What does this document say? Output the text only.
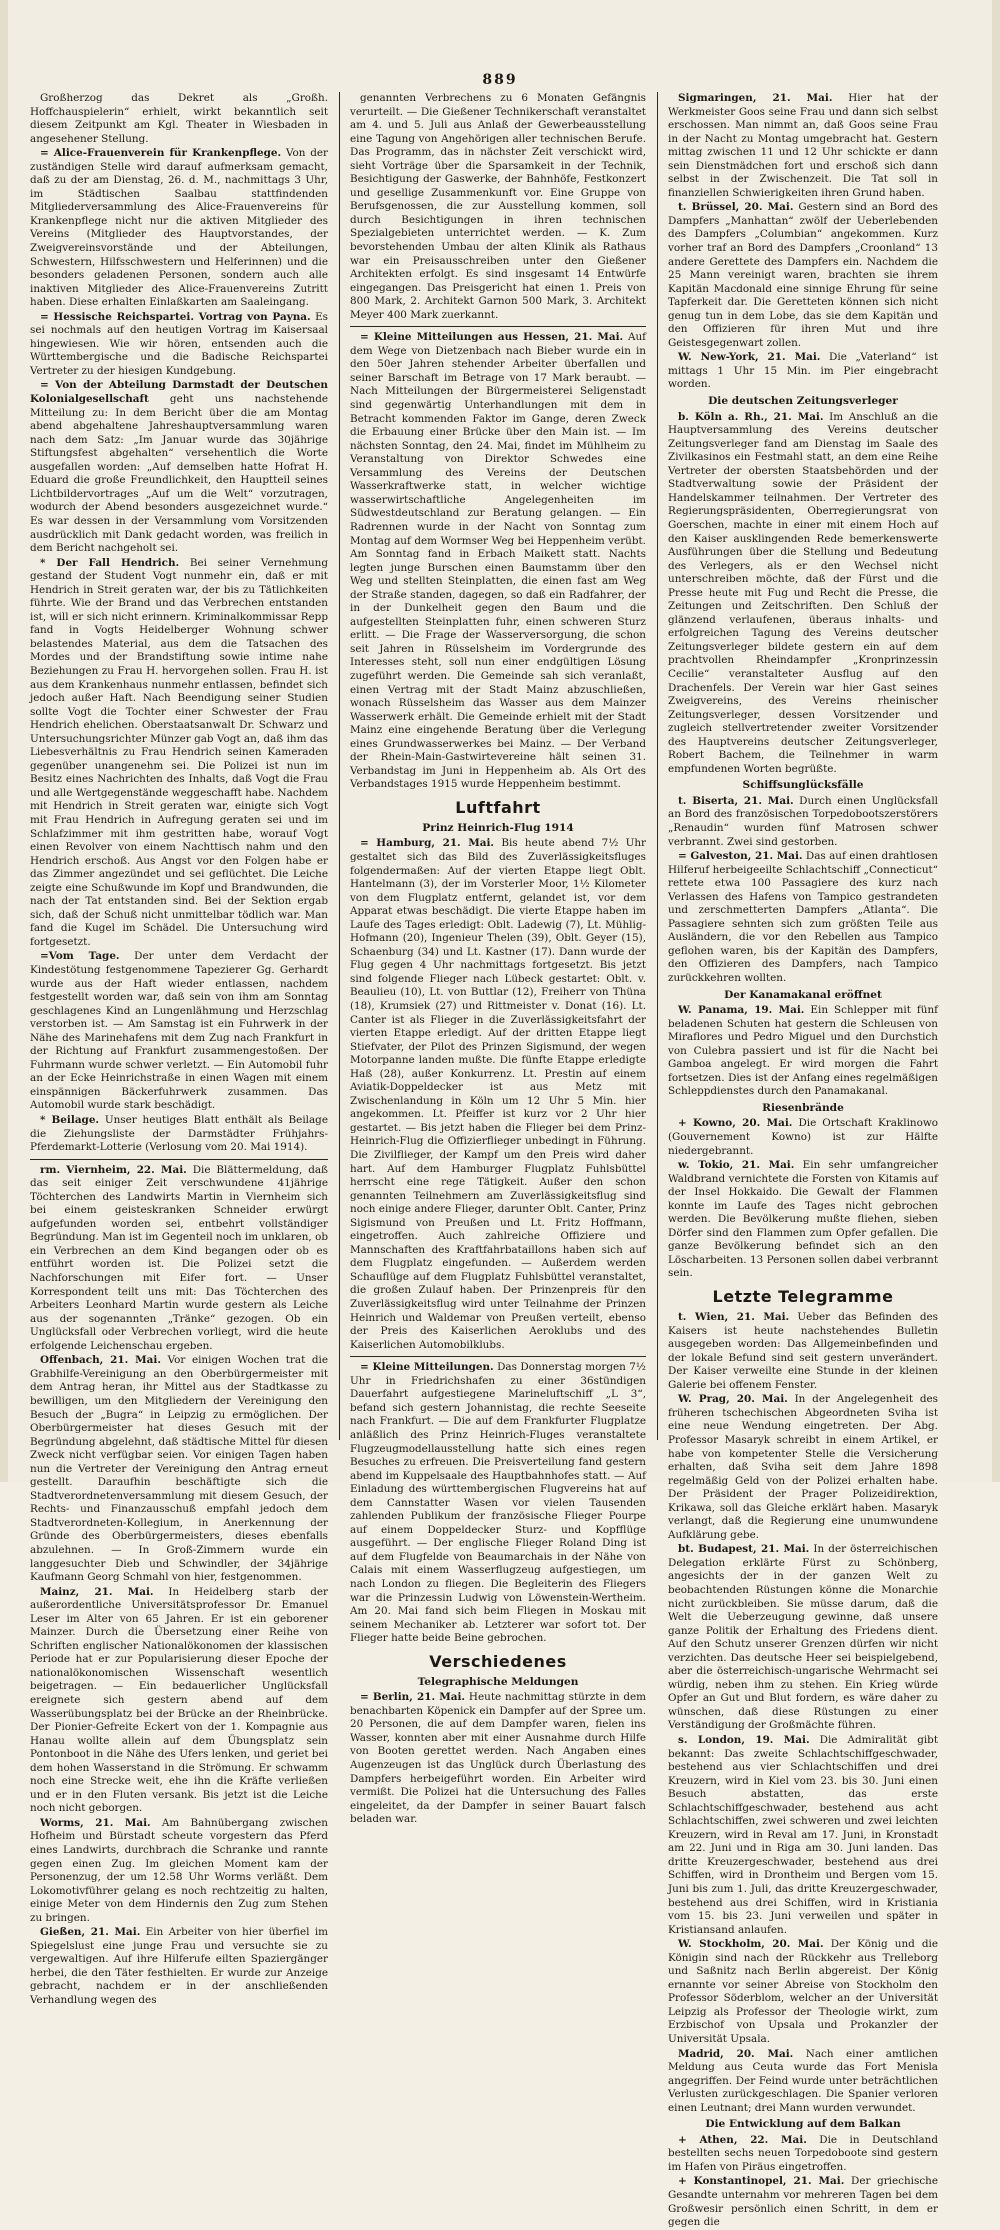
889

Großherzog das Dekret als „Großh. Hoffchauspielerin“ erhielt, wirkt bekanntlich seit diesem Zeitpunkt am Kgl. Theater in Wiesbaden in angesehener Stellung.

= Alice-Frauenverein für Krankenpflege. Von der zuständigen Stelle wird darauf aufmerksam gemacht, daß zu der am Dienstag, 26. d. M., nachmittags 3 Uhr, im Städtischen Saalbau stattfindenden Mitgliederversammlung des Alice-Frauenvereins für Krankenpflege nicht nur die aktiven Mitglieder des Vereins (Mitglieder des Hauptvorstandes, der Zweigvereinsvorstände und der Abteilungen, Schwestern, Hilfsschwestern und Helferinnen) und die besonders geladenen Personen, sondern auch alle inaktiven Mitglieder des Alice-Frauenvereins Zutritt haben. Diese erhalten Einlaßkarten am Saaleingang.

= Hessische Reichspartei. Vortrag von Payna. Es sei nochmals auf den heutigen Vortrag im Kaisersaal hingewiesen. Wie wir hören, entsenden auch die Württembergische und die Badische Reichspartei Vertreter zu der hiesigen Kundgebung.

= Von der Abteilung Darmstadt der Deutschen Kolonialgesellschaft geht uns nachstehende Mitteilung zu: In dem Bericht über die am Montag abend abgehaltene Jahreshauptversammlung waren nach dem Satz: „Im Januar wurde das 30jährige Stiftungsfest abgehalten“ versehentlich die Worte ausgefallen worden: „Auf demselben hatte Hofrat H. Eduard die große Freundlichkeit, den Hauptteil seines Lichtbildervortrages „Auf um die Welt“ vorzutragen, wodurch der Abend besonders ausgezeichnet wurde.“ Es war dessen in der Versammlung vom Vorsitzenden ausdrücklich mit Dank gedacht worden, was freilich in dem Bericht nachgeholt sei.

* Der Fall Hendrich. Bei seiner Vernehmung gestand der Student Vogt nunmehr ein, daß er mit Hendrich in Streit geraten war, der bis zu Tätlichkeiten führte. Wie der Brand und das Verbrechen entstanden ist, will er sich nicht erinnern. Kriminalkommissar Repp fand in Vogts Heidelberger Wohnung schwer belastendes Material, aus dem die Tatsachen des Mordes und der Brandstiftung sowie intime nahe Beziehungen zu Frau H. hervorgehen sollen. Frau H. ist aus dem Krankenhaus nunmehr entlassen, befindet sich jedoch außer Haft. Nach Beendigung seiner Studien sollte Vogt die Tochter einer Schwester der Frau Hendrich ehelichen. Oberstaatsanwalt Dr. Schwarz und Untersuchungsrichter Münzer gab Vogt an, daß ihm das Liebesverhältnis zu Frau Hendrich seinen Kameraden gegenüber unangenehm sei. Die Polizei ist nun im Besitz eines Nachrichten des Inhalts, daß Vogt die Frau und alle Wertgegenstände weggeschafft habe. Nachdem mit Hendrich in Streit geraten war, einigte sich Vogt mit Frau Hendrich in Aufregung geraten sei und im Schlafzimmer mit ihm gestritten habe, worauf Vogt einen Revolver von einem Nachttisch nahm und den Hendrich erschoß. Aus Angst vor den Folgen habe er das Zimmer angezündet und sei geflüchtet. Die Leiche zeigte eine Schußwunde im Kopf und Brandwunden, die nach der Tat entstanden sind. Bei der Sektion ergab sich, daß der Schuß nicht unmittelbar tödlich war. Man fand die Kugel im Schädel. Die Untersuchung wird fortgesetzt.

=Vom Tage. Der unter dem Verdacht der Kindestötung festgenommene Tapezierer Gg. Gerhardt wurde aus der Haft wieder entlassen, nachdem festgestellt worden war, daß sein von ihm am Sonntag geschlagenes Kind an Lungenlähmung und Herzschlag verstorben ist. — Am Samstag ist ein Fuhrwerk in der Nähe des Marinehafens mit dem Zug nach Frankfurt in der Richtung auf Frankfurt zusammengestoßen. Der Fuhrmann wurde schwer verletzt. — Ein Automobil fuhr an der Ecke Heinrichstraße in einen Wagen mit einem einspännigen Bäckerfuhrwerk zusammen. Das Automobil wurde stark beschädigt.

* Beilage. Unser heutiges Blatt enthält als Beilage die Ziehungsliste der Darmstädter Frühjahrs-Pferdemarkt-Lotterie (Verlosung vom 20. Mai 1914).

rm. Viernheim, 22. Mai. Die Blättermeldung, daß das seit einiger Zeit verschwundene 41jährige Töchterchen des Landwirts Martin in Viernheim sich bei einem geisteskranken Schneider erwürgt aufgefunden worden sei, entbehrt vollständiger Begründung. Man ist im Gegenteil noch im unklaren, ob ein Verbrechen an dem Kind begangen oder ob es entführt worden ist. Die Polizei setzt die Nachforschungen mit Eifer fort. — Unser Korrespondent teilt uns mit: Das Töchterchen des Arbeiters Leonhard Martin wurde gestern als Leiche aus der sogenannten „Tränke“ gezogen. Ob ein Unglücksfall oder Verbrechen vorliegt, wird die heute erfolgende Leichenschau ergeben.

Offenbach, 21. Mai. Vor einigen Wochen trat die Grabhilfe-Vereinigung an den Oberbürgermeister mit dem Antrag heran, ihr Mittel aus der Stadtkasse zu bewilligen, um den Mitgliedern der Vereinigung den Besuch der „Bugra“ in Leipzig zu ermöglichen. Der Oberbürgermeister hat dieses Gesuch mit der Begründung abgelehnt, daß städtische Mittel für diesen Zweck nicht verfügbar seien. Vor einigen Tagen haben nun die Vertreter der Vereinigung den Antrag erneut gestellt. Daraufhin beschäftigte sich die Stadtverordnetenversammlung mit diesem Gesuch, der Rechts- und Finanzausschuß empfahl jedoch dem Stadtverordneten-Kollegium, in Anerkennung der Gründe des Oberbürgermeisters, dieses ebenfalls abzulehnen. — In Groß-Zimmern wurde ein langgesuchter Dieb und Schwindler, der 34jährige Kaufmann Georg Schmahl von hier, festgenommen.

Mainz, 21. Mai. In Heidelberg starb der außerordentliche Universitätsprofessor Dr. Emanuel Leser im Alter von 65 Jahren. Er ist ein geborener Mainzer. Durch die Übersetzung einer Reihe von Schriften englischer Nationalökonomen der klassischen Periode hat er zur Popularisierung dieser Epoche der nationalökonomischen Wissenschaft wesentlich beigetragen. — Ein bedauerlicher Unglücksfall ereignete sich gestern abend auf dem Wasserübungsplatz bei der Brücke an der Rheinbrücke. Der Pionier-Gefreite Eckert von der 1. Kompagnie aus Hanau wollte allein auf dem Übungsplatz sein Pontonboot in die Nähe des Ufers lenken, und geriet bei dem hohen Wasserstand in die Strömung. Er schwamm noch eine Strecke weit, ehe ihn die Kräfte verließen und er in den Fluten versank. Bis jetzt ist die Leiche noch nicht geborgen.

Worms, 21. Mai. Am Bahnübergang zwischen Hofheim und Bürstadt scheute vorgestern das Pferd eines Landwirts, durchbrach die Schranke und rannte gegen einen Zug. Im gleichen Moment kam der Personenzug, der um 12.58 Uhr Worms verläßt. Dem Lokomotivführer gelang es noch rechtzeitig zu halten, einige Meter von dem Hindernis den Zug zum Stehen zu bringen.

Gießen, 21. Mai. Ein Arbeiter von hier überfiel im Spiegelslust eine junge Frau und versuchte sie zu vergewaltigen. Auf ihre Hilferufe eilten Spaziergänger herbei, die den Täter festhielten. Er wurde zur Anzeige gebracht, nachdem er in der anschließenden Verhandlung wegen des

genannten Verbrechens zu 6 Monaten Gefängnis verurteilt. — Die Gießener Technikerschaft veranstaltet am 4. und 5. Juli aus Anlaß der Gewerbeausstellung eine Tagung von Angehörigen aller technischen Berufe. Das Programm, das in nächster Zeit verschickt wird, sieht Vorträge über die Sparsamkeit in der Technik, Besichtigung der Gaswerke, der Bahnhöfe, Festkonzert und gesellige Zusammenkunft vor. Eine Gruppe von Berufsgenossen, die zur Ausstellung kommen, soll durch Besichtigungen in ihren technischen Spezialgebieten unterrichtet werden. — K. Zum bevorstehenden Umbau der alten Klinik als Rathaus war ein Preisausschreiben unter den Gießener Architekten erfolgt. Es sind insgesamt 14 Entwürfe eingegangen. Das Preisgericht hat einen 1. Preis von 800 Mark, 2. Architekt Garnon 500 Mark, 3. Architekt Meyer 400 Mark zuerkannt.

= Kleine Mitteilungen aus Hessen, 21. Mai. Auf dem Wege von Dietzenbach nach Bieber wurde ein in den 50er Jahren stehender Arbeiter überfallen und seiner Barschaft im Betrage von 17 Mark beraubt. — Nach Mitteilungen der Bürgermeisterei Seligenstadt sind gegenwärtig Unterhandlungen mit dem in Betracht kommenden Faktor im Gange, deren Zweck die Erbauung einer Brücke über den Main ist. — Im nächsten Sonntag, den 24. Mai, findet im Mühlheim zu Veranstaltung von Direktor Schwedes eine Versammlung des Vereins der Deutschen Wasserkraftwerke statt, in welcher wichtige wasserwirtschaftliche Angelegenheiten im Südwestdeutschland zur Beratung gelangen. — Ein Radrennen wurde in der Nacht von Sonntag zum Montag auf dem Wormser Weg bei Heppenheim verübt. Am Sonntag fand in Erbach Maikett statt. Nachts legten junge Burschen einen Baumstamm über den Weg und stellten Steinplatten, die einen fast am Weg der Straße standen, dagegen, so daß ein Radfahrer, der in der Dunkelheit gegen den Baum und die aufgestellten Steinplatten fuhr, einen schweren Sturz erlitt. — Die Frage der Wasserversorgung, die schon seit Jahren in Rüsselsheim im Vordergrunde des Interesses steht, soll nun einer endgültigen Lösung zugeführt werden. Die Gemeinde sah sich veranlaßt, einen Vertrag mit der Stadt Mainz abzuschließen, wonach Rüsselsheim das Wasser aus dem Mainzer Wasserwerk erhält. Die Gemeinde erhielt mit der Stadt Mainz eine eingehende Beratung über die Verlegung eines Grundwasserwerkes bei Mainz. — Der Verband der Rhein-Main-Gastwirtevereine hält seinen 31. Verbandstag im Juni in Heppenheim ab. Als Ort des Verbandstages 1915 wurde Heppenheim bestimmt.

Luftfahrt
Prinz Heinrich-Flug 1914

= Hamburg, 21. Mai. Bis heute abend 7½ Uhr gestaltet sich das Bild des Zuverlässigkeitsfluges folgendermaßen: Auf der vierten Etappe liegt Oblt. Hantelmann (3), der im Vorsterler Moor, 1½ Kilometer von dem Flugplatz entfernt, gelandet ist, vor dem Apparat etwas beschädigt. Die vierte Etappe haben im Laufe des Tages erledigt: Oblt. Ladewig (7), Lt. Mühlig-Hofmann (20), Ingenieur Thelen (39), Oblt. Geyer (15), Schaenburg (34) und Lt. Kastner (17). Dann wurde der Flug gegen 4 Uhr nachmittags fortgesetzt. Bis jetzt sind folgende Flieger nach Lübeck gestartet: Oblt. v. Beaulieu (10), Lt. von Buttlar (12), Freiherr von Thüna (18), Krumsiek (27) und Rittmeister v. Donat (16). Lt. Canter ist als Flieger in die Zuverlässigkeitsfahrt der vierten Etappe erledigt. Auf der dritten Etappe liegt Stiefvater, der Pilot des Prinzen Sigismund, der wegen Motorpanne landen mußte. Die fünfte Etappe erledigte Haß (28), außer Konkurrenz. Lt. Prestin auf einem Aviatik-Doppeldecker ist aus Metz mit Zwischenlandung in Köln um 12 Uhr 5 Min. hier angekommen. Lt. Pfeiffer ist kurz vor 2 Uhr hier gestartet. — Bis jetzt haben die Flieger bei dem Prinz-Heinrich-Flug die Offizierflieger unbedingt in Führung. Die Zivilflieger, der Kampf um den Preis wird daher hart. Auf dem Hamburger Flugplatz Fuhlsbüttel herrscht eine rege Tätigkeit. Außer den schon genannten Teilnehmern am Zuverlässigkeitsflug sind noch einige andere Flieger, darunter Oblt. Canter, Prinz Sigismund von Preußen und Lt. Fritz Hoffmann, eingetroffen. Auch zahlreiche Offiziere und Mannschaften des Kraftfahrbataillons haben sich auf dem Flugplatz eingefunden. — Außerdem werden Schauflüge auf dem Flugplatz Fuhlsbüttel veranstaltet, die großen Zulauf haben. Der Prinzenpreis für den Zuverlässigkeitsflug wird unter Teilnahme der Prinzen Heinrich und Waldemar von Preußen verteilt, ebenso der Preis des Kaiserlichen Aeroklubs und des Kaiserlichen Automobilklubs.

= Kleine Mitteilungen. Das Donnerstag morgen 7½ Uhr in Friedrichshafen zu einer 36stündigen Dauerfahrt aufgestiegene Marineluftschiff „L 3“, befand sich gestern Johannistag, die rechte Seeseite nach Frankfurt. — Die auf dem Frankfurter Flugplatze anläßlich des Prinz Heinrich-Fluges veranstaltete Flugzeugmodellausstellung hatte sich eines regen Besuches zu erfreuen. Die Preisverteilung fand gestern abend im Kuppelsaale des Hauptbahnhofes statt. — Auf Einladung des württembergischen Flugvereins hat auf dem Cannstatter Wasen vor vielen Tausenden zahlenden Publikum der französische Flieger Pourpe auf einem Doppeldecker Sturz- und Kopfflüge ausgeführt. — Der englische Flieger Roland Ding ist auf dem Flugfelde von Beaumarchais in der Nähe von Calais mit einem Wasserflugzeug aufgestiegen, um nach London zu fliegen. Die Begleiterin des Fliegers war die Prinzessin Ludwig von Löwenstein-Wertheim. Am 20. Mai fand sich beim Fliegen in Moskau mit seinem Mechaniker ab. Letzterer war sofort tot. Der Flieger hatte beide Beine gebrochen.

Verschiedenes
Telegraphische Meldungen

= Berlin, 21. Mai. Heute nachmittag stürzte in dem benachbarten Köpenick ein Dampfer auf der Spree um. 20 Personen, die auf dem Dampfer waren, fielen ins Wasser, konnten aber mit einer Ausnahme durch Hilfe von Booten gerettet werden. Nach Angaben eines Augenzeugen ist das Unglück durch Überlastung des Dampfers herbeigeführt worden. Ein Arbeiter wird vermißt. Die Polizei hat die Untersuchung des Falles eingeleitet, da der Dampfer in seiner Bauart falsch beladen war.

Sigmaringen, 21. Mai. Hier hat der Werkmeister Goos seine Frau und dann sich selbst erschossen. Man nimmt an, daß Goos seine Frau in der Nacht zu Montag umgebracht hat. Gestern mittag zwischen 11 und 12 Uhr schickte er dann sein Dienstmädchen fort und erschoß sich dann selbst in der Zwischenzeit. Die Tat soll in finanziellen Schwierigkeiten ihren Grund haben.

t. Brüssel, 20. Mai. Gestern sind an Bord des Dampfers „Manhattan“ zwölf der Ueberlebenden des Dampfers „Columbian“ angekommen. Kurz vorher traf an Bord des Dampfers „Croonland“ 13 andere Gerettete des Dampfers ein. Nachdem die 25 Mann vereinigt waren, brachten sie ihrem Kapitän Macdonald eine sinnige Ehrung für seine Tapferkeit dar. Die Geretteten können sich nicht genug tun in dem Lobe, das sie dem Kapitän und den Offizieren für ihren Mut und ihre Geistesgegenwart zollen.

W. New-York, 21. Mai. Die „Vaterland“ ist mittags 1 Uhr 15 Min. im Pier eingebracht worden.

Die deutschen Zeitungsverleger

b. Köln a. Rh., 21. Mai. Im Anschluß an die Hauptversammlung des Vereins deutscher Zeitungsverleger fand am Dienstag im Saale des Zivilkasinos ein Festmahl statt, an dem eine Reihe Vertreter der obersten Staatsbehörden und der Stadtverwaltung sowie der Präsident der Handelskammer teilnahmen. Der Vertreter des Regierungspräsidenten, Oberregierungsrat von Goerschen, machte in einer mit einem Hoch auf den Kaiser ausklingenden Rede bemerkenswerte Ausführungen über die Stellung und Bedeutung des Verlegers, als er den Wechsel nicht unterschreiben möchte, daß der Fürst und die Presse heute mit Fug und Recht die Presse, die Zeitungen und Zeitschriften. Den Schluß der glänzend verlaufenen, überaus inhalts- und erfolgreichen Tagung des Vereins deutscher Zeitungsverleger bildete gestern ein auf dem prachtvollen Rheindampfer „Kronprinzessin Cecilie“ veranstalteter Ausflug auf den Drachenfels. Der Verein war hier Gast seines Zweigvereins, des Vereins rheinischer Zeitungsverleger, dessen Vorsitzender und zugleich stellvertretender zweiter Vorsitzender des Hauptvereins deutscher Zeitungsverleger, Robert Bachem, die Teilnehmer in warm empfundenen Worten begrüßte.

Schiffsunglücksfälle

t. Biserta, 21. Mai. Durch einen Unglücksfall an Bord des französischen Torpedobootszerstörers „Renaudin“ wurden fünf Matrosen schwer verbrannt. Zwei sind gestorben.

= Galveston, 21. Mai. Das auf einen drahtlosen Hilferuf herbeigeeilte Schlachtschiff „Connecticut“ rettete etwa 100 Passagiere des kurz nach Verlassen des Hafens von Tampico gestrandeten und zerschmetterten Dampfers „Atlanta“. Die Passagiere sehnten sich zum größten Teile aus Ausländern, die vor den Rebellen aus Tampico geflohen waren, bis der Kapitän des Dampfers, den Offizieren des Dampfers, nach Tampico zurückkehren wollten.

Der Kanamakanal eröffnet

W. Panama, 19. Mai. Ein Schlepper mit fünf beladenen Schuten hat gestern die Schleusen von Miraflores und Pedro Miguel und den Durchstich von Culebra passiert und ist für die Nacht bei Gamboa angelegt. Er wird morgen die Fahrt fortsetzen. Dies ist der Anfang eines regelmäßigen Schleppdienstes durch den Panamakanal.

Riesenbrände

+ Kowno, 20. Mai. Die Ortschaft Kraklinowo (Gouvernement Kowno) ist zur Hälfte niedergebrannt.

w. Tokio, 21. Mai. Ein sehr umfangreicher Waldbrand vernichtete die Forsten von Kitamis auf der Insel Hokkaido. Die Gewalt der Flammen konnte im Laufe des Tages nicht gebrochen werden. Die Bevölkerung mußte fliehen, sieben Dörfer sind den Flammen zum Opfer gefallen. Die ganze Bevölkerung befindet sich an den Löscharbeiten. 13 Personen sollen dabei verbrannt sein.

Letzte Telegramme

t. Wien, 21. Mai. Ueber das Befinden des Kaisers ist heute nachstehendes Bulletin ausgegeben worden: Das Allgemeinbefinden und der lokale Befund sind seit gestern unverändert. Der Kaiser verweilte eine Stunde in der kleinen Galerie bei offenem Fenster.

W. Prag, 20. Mai. In der Angelegenheit des früheren tschechischen Abgeordneten Sviha ist eine neue Wendung eingetreten. Der Abg. Professor Masaryk schreibt in einem Artikel, er habe von kompetenter Stelle die Versicherung erhalten, daß Sviha seit dem Jahre 1898 regelmäßig Geld von der Polizei erhalten habe. Der Präsident der Prager Polizeidirektion, Krikawa, soll das Gleiche erklärt haben. Masaryk verlangt, daß die Regierung eine unumwundene Aufklärung gebe.

bt. Budapest, 21. Mai. In der österreichischen Delegation erklärte Fürst zu Schönberg, angesichts der in der ganzen Welt zu beobachtenden Rüstungen könne die Monarchie nicht zurückbleiben. Sie müsse darum, daß die Welt die Ueberzeugung gewinne, daß unsere ganze Politik der Erhaltung des Friedens dient. Auf den Schutz unserer Grenzen dürfen wir nicht verzichten. Das deutsche Heer sei beispielgebend, aber die österreichisch-ungarische Wehrmacht sei würdig, neben ihm zu stehen. Ein Krieg würde Opfer an Gut und Blut fordern, es wäre daher zu wünschen, daß diese Rüstungen zu einer Verständigung der Großmächte führen.

s. London, 19. Mai. Die Admiralität gibt bekannt: Das zweite Schlachtschiffgeschwader, bestehend aus vier Schlachtschiffen und drei Kreuzern, wird in Kiel vom 23. bis 30. Juni einen Besuch abstatten, das erste Schlachtschiffgeschwader, bestehend aus acht Schlachtschiffen, zwei schweren und zwei leichten Kreuzern, wird in Reval am 17. Juni, in Kronstadt am 22. Juni und in Riga am 30. Juni landen. Das dritte Kreuzergeschwader, bestehend aus drei Schiffen, wird in Drontheim und Bergen vom 15. Juni bis zum 1. Juli, das dritte Kreuzergeschwader, bestehend aus drei Schiffen, wird in Kristiania vom 15. bis 23. Juni verweilen und später in Kristiansand anlaufen.

W. Stockholm, 20. Mai. Der König und die Königin sind nach der Rückkehr aus Trelleborg und Saßnitz nach Berlin abgereist. Der König ernannte vor seiner Abreise von Stockholm den Professor Söderblom, welcher an der Universität Leipzig als Professor der Theologie wirkt, zum Erzbischof von Upsala und Prokanzler der Universität Upsala.

Madrid, 20. Mai. Nach einer amtlichen Meldung aus Ceuta wurde das Fort Menisla angegriffen. Der Feind wurde unter beträchtlichen Verlusten zurückgeschlagen. Die Spanier verloren einen Leutnant; drei Mann wurden verwundet.

Die Entwicklung auf dem Balkan

+ Athen, 22. Mai. Die in Deutschland bestellten sechs neuen Torpedoboote sind gestern im Hafen von Piräus eingetroffen.

+ Konstantinopel, 21. Mai. Der griechische Gesandte unternahm vor mehreren Tagen bei dem Großwesir persönlich einen Schritt, in dem er gegen die
